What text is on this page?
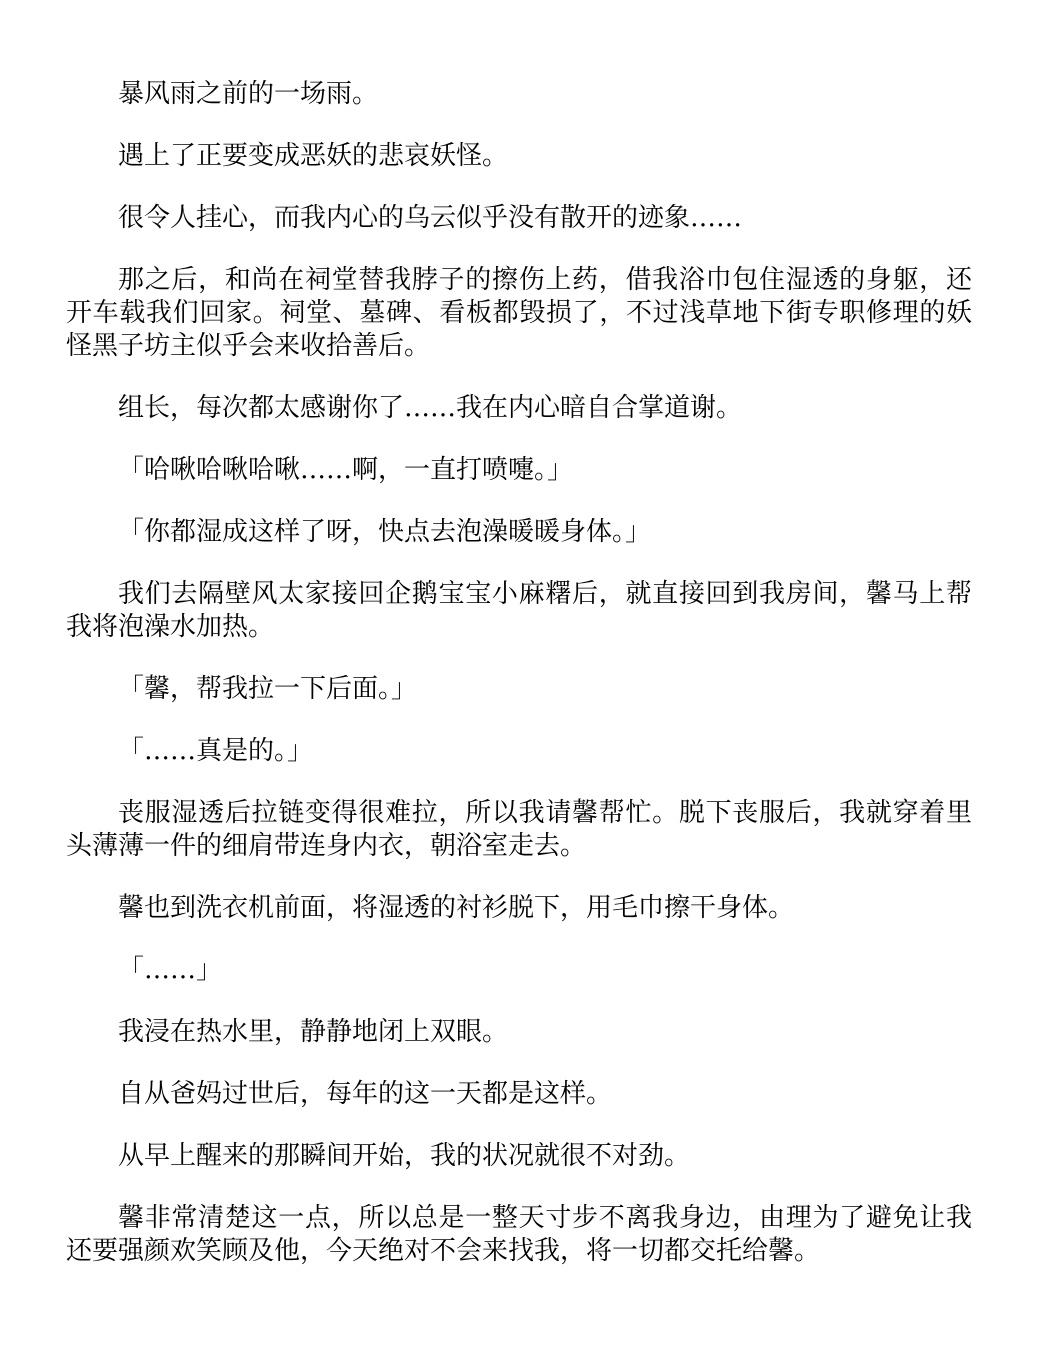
暴风雨之前的一场雨。

遇上了正要变成恶妖的悲哀妖怪。

很令人挂心，而我内心的乌云似乎没有散开的迹象……

那之后，和尚在祠堂替我脖子的擦伤上药，借我浴巾包住湿透的身躯，还开车载我们回家。祠堂、墓碑、看板都毁损了，不过浅草地下街专职修理的妖怪黑子坊主似乎会来收拾善后。

组长，每次都太感谢你了……我在内心暗自合掌道谢。

「哈啾哈啾哈啾……啊，一直打喷嚏。」

「你都湿成这样了呀，快点去泡澡暖暖身体。」

我们去隔壁风太家接回企鹅宝宝小麻糬后，就直接回到我房间，馨马上帮我将泡澡水加热。

「馨，帮我拉一下后面。」

「……真是的。」

丧服湿透后拉链变得很难拉，所以我请馨帮忙。脱下丧服后，我就穿着里头薄薄一件的细肩带连身内衣，朝浴室走去。

馨也到洗衣机前面，将湿透的衬衫脱下，用毛巾擦干身体。

「……」

我浸在热水里，静静地闭上双眼。

自从爸妈过世后，每年的这一天都是这样。

从早上醒来的那瞬间开始，我的状况就很不对劲。

馨非常清楚这一点，所以总是一整天寸步不离我身边，由理为了避免让我还要强颜欢笑顾及他，今天绝对不会来找我，将一切都交托给馨。
